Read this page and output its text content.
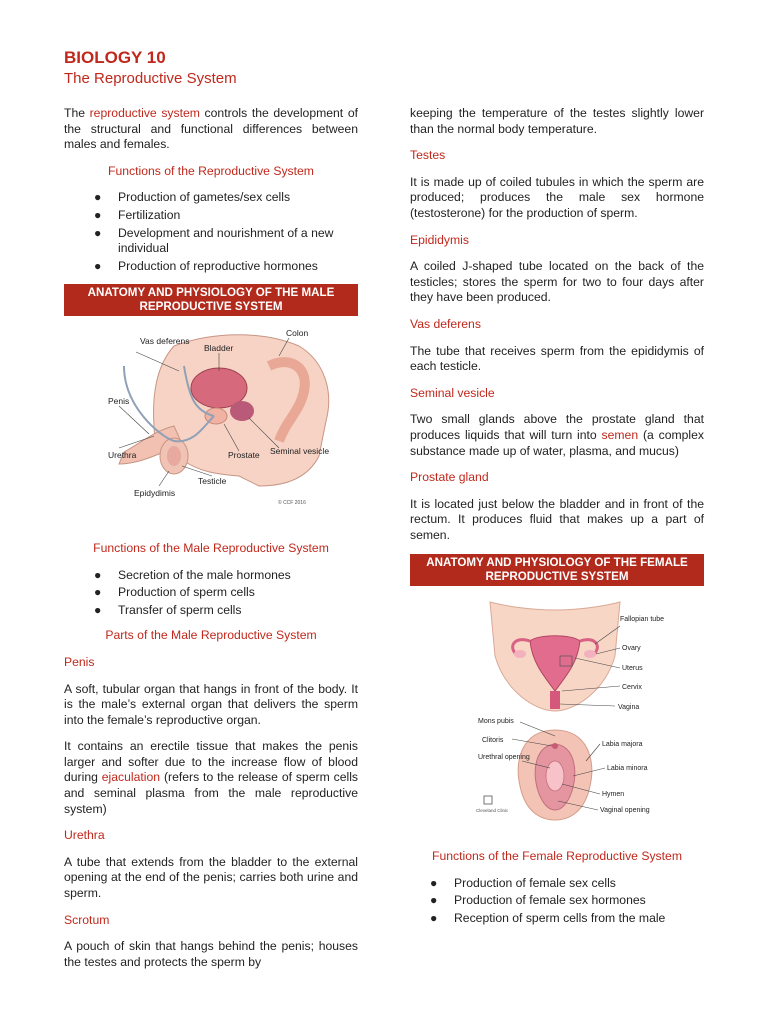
BIOLOGY 10
The Reproductive System

The reproductive system controls the development of the structural and functional differences between males and females.

Functions of the Reproductive System
● Production of gametes/sex cells
● Fertilization
● Development and nourishment of a new individual
● Production of reproductive hormones
ANATOMY AND PHYSIOLOGY OF THE MALE REPRODUCTIVE SYSTEM
Vas deferens
Bladder
Colon
Penis
Urethra	Prostate Seminal vesicle
Testicle
Epidydimis
© CCF 2016
Functions of the Male Reproductive System
● Secretion of the male hormones
● Production of sperm cells
● Transfer of sperm cells
Parts of the Male Reproductive System
Penis

A soft, tubular organ that hangs in front of the body. It is the male’s external organ that delivers the sperm into the female’s reproductive organ.

It contains an erectile tissue that makes the penis larger and softer due to the increase flow of blood during ejaculation (refers to the release of sperm cells and seminal plasma from the male reproductive system)

Urethra

A tube that extends from the bladder to the external opening at the end of the penis; carries both urine and sperm.

Scrotum

A pouch of skin that hangs behind the penis; houses the testes and protects the sperm by

keeping the temperature of the testes slightly lower than the normal body temperature.

Testes

It is made up of coiled tubules in which the sperm are produced; produces the male sex hormone (testosterone) for the production of sperm.

Epididymis

A coiled J-shaped tube located on the back of the testicles; stores the sperm for two to four days after they have been produced.

Vas deferens

The tube that receives sperm from the epididymis of each testicle.

Seminal vesicle

Two small glands above the prostate gland that produces liquids that will turn into semen (a complex substance made up of water, plasma, and mucus)

Prostate gland

It is located just below the bladder and in front of the rectum. It produces fluid that makes up a part of semen.

ANATOMY AND PHYSIOLOGY OF THE FEMALE REPRODUCTIVE SYSTEM
Fallopian tube
Ovary
Uterus
Cervix
Vagina
Mons pubis
Clitoris
Urethral opening
Labia majora
Labia minora
Hymen
Vaginal opening
Cleveland Clinic
Functions of the Female Reproductive System
● Production of female sex cells
● Production of female sex hormones
● Reception of sperm cells from the male
